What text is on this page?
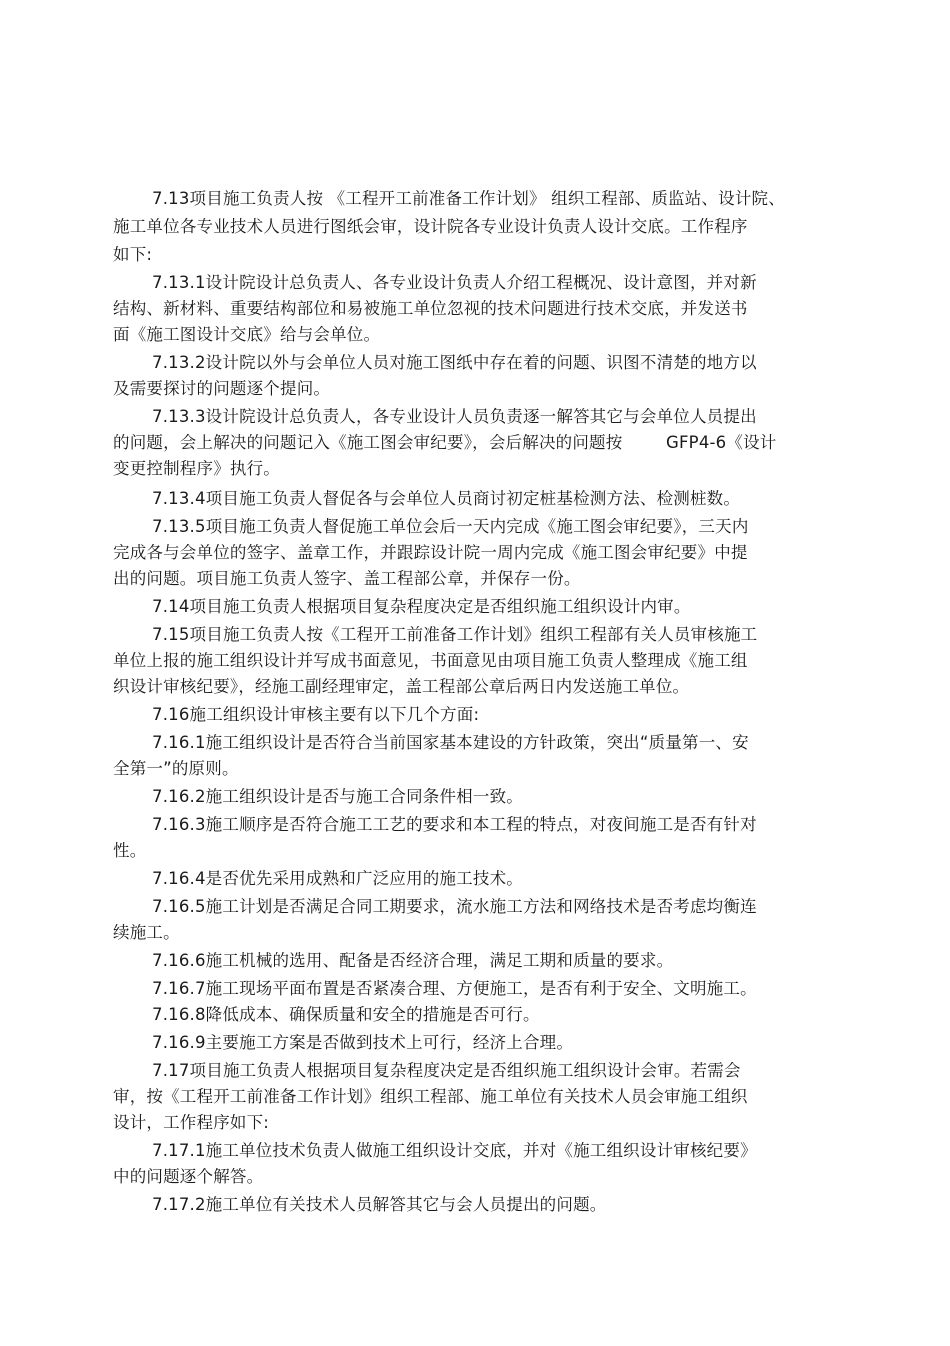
7.13项目施工负责人按 《工程开工前准备工作计划》 组织工程部、质监站、设计院、
施工单位各专业技术人员进行图纸会审，设计院各专业设计负责人设计交底。工作程序
如下:
7.13.1设计院设计总负责人、各专业设计负责人介绍工程概况、设计意图，并对新
结构、新材料、重要结构部位和易被施工单位忽视的技术问题进行技术交底，并发送书
面《施工图设计交底》给与会单位。
7.13.2设计院以外与会单位人员对施工图纸中存在着的问题、识图不清楚的地方以
及需要探讨的问题逐个提问。
7.13.3设计院设计总负责人，各专业设计人员负责逐一解答其它与会单位人员提出
的问题，会上解决的问题记入《施工图会审纪要》，会后解决的问题按        GFP4-6《设计
变更控制程序》执行。
7.13.4项目施工负责人督促各与会单位人员商讨初定桩基检测方法、检测桩数。
7.13.5项目施工负责人督促施工单位会后一天内完成《施工图会审纪要》，三天内
完成各与会单位的签字、盖章工作，并跟踪设计院一周内完成《施工图会审纪要》中提
出的问题。项目施工负责人签字、盖工程部公章，并保存一份。
7.14项目施工负责人根据项目复杂程度决定是否组织施工组织设计内审。
7.15项目施工负责人按《工程开工前准备工作计划》组织工程部有关人员审核施工
单位上报的施工组织设计并写成书面意见，书面意见由项目施工负责人整理成《施工组
织设计审核纪要》，经施工副经理审定，盖工程部公章后两日内发送施工单位。
7.16施工组织设计审核主要有以下几个方面:
7.16.1施工组织设计是否符合当前国家基本建设的方针政策，突出“质量第一、安
全第一”的原则。
7.16.2施工组织设计是否与施工合同条件相一致。
7.16.3施工顺序是否符合施工工艺的要求和本工程的特点，对夜间施工是否有针对
性。
7.16.4是否优先采用成熟和广泛应用的施工技术。
7.16.5施工计划是否满足合同工期要求，流水施工方法和网络技术是否考虑均衡连
续施工。
7.16.6施工机械的选用、配备是否经济合理，满足工期和质量的要求。
7.16.7施工现场平面布置是否紧凑合理、方便施工，是否有利于安全、文明施工。
7.16.8降低成本、确保质量和安全的措施是否可行。
7.16.9主要施工方案是否做到技术上可行，经济上合理。
7.17项目施工负责人根据项目复杂程度决定是否组织施工组织设计会审。若需会
审，按《工程开工前准备工作计划》组织工程部、施工单位有关技术人员会审施工组织
设计，工作程序如下:
7.17.1施工单位技术负责人做施工组织设计交底，并对《施工组织设计审核纪要》
中的问题逐个解答。
7.17.2施工单位有关技术人员解答其它与会人员提出的问题。
